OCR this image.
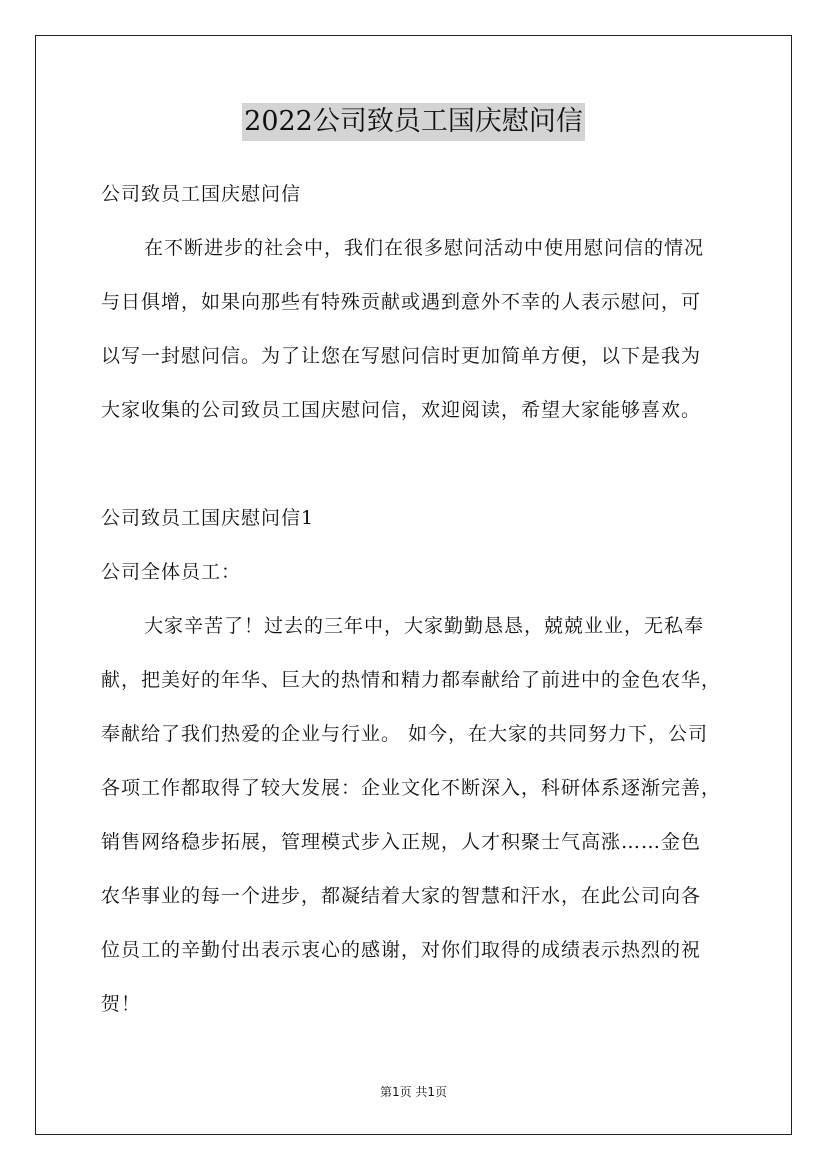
2022公司致员工国庆慰问信
公司致员工国庆慰问信
在不断进步的社会中，我们在很多慰问活动中使用慰问信的情况
与日俱增，如果向那些有特殊贡献或遇到意外不幸的人表示慰问，可
以写一封慰问信。为了让您在写慰问信时更加简单方便，以下是我为
大家收集的公司致员工国庆慰问信，欢迎阅读，希望大家能够喜欢。
公司致员工国庆慰问信1
公司全体员工：
大家辛苦了！过去的三年中，大家勤勤恳恳，兢兢业业，无私奉
献，把美好的年华、巨大的热情和精力都奉献给了前进中的金色农华，
奉献给了我们热爱的企业与行业。 如今，在大家的共同努力下，公司
各项工作都取得了较大发展：企业文化不断深入，科研体系逐渐完善，
销售网络稳步拓展，管理模式步入正规，人才积聚士气高涨……金色
农华事业的每一个进步，都凝结着大家的智慧和汗水，在此公司向各
位员工的辛勤付出表示衷心的感谢，对你们取得的成绩表示热烈的祝
贺！
第1页 共1页
